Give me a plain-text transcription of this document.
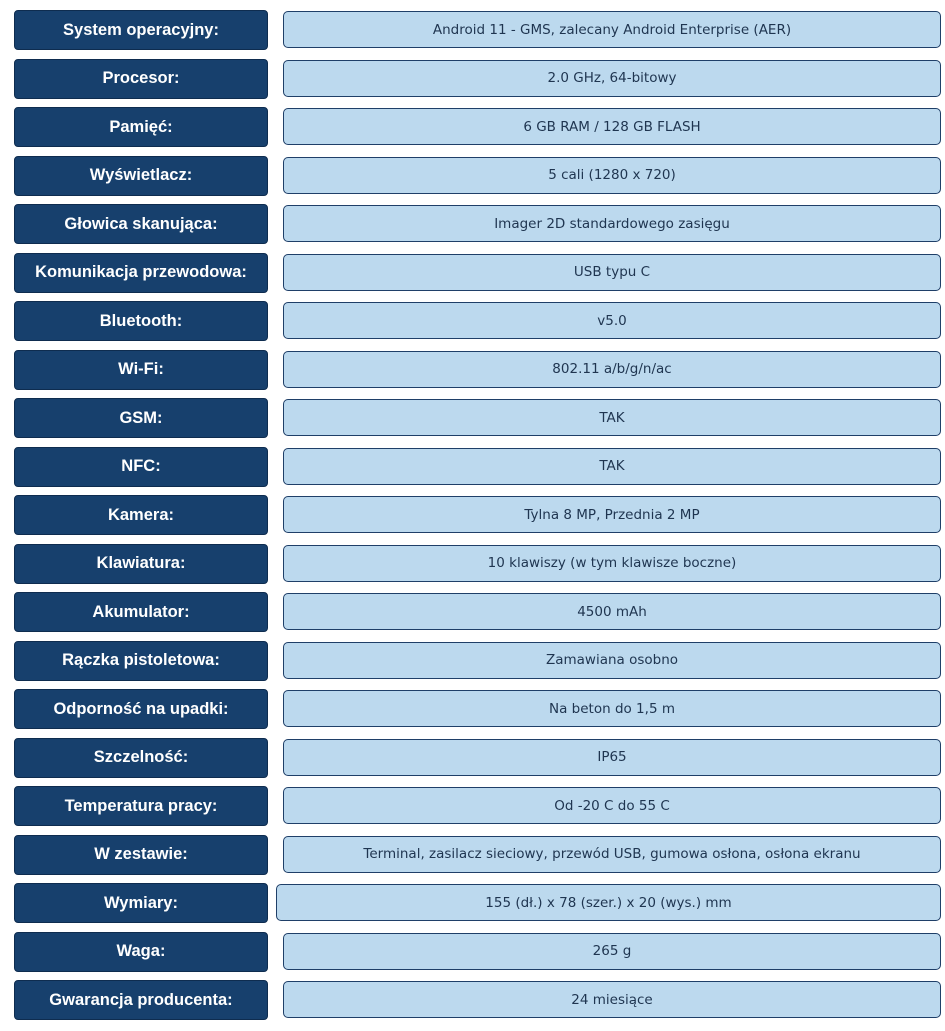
System operacyjny:	Android 11 - GMS, zalecany Android Enterprise (AER)
Procesor:	2.0 GHz, 64-bitowy
Pamięć:	6 GB RAM / 128 GB FLASH
Wyświetlacz:	5 cali (1280 x 720)
Głowica skanująca:	Imager 2D standardowego zasięgu
Komunikacja przewodowa:	USB typu C
Bluetooth:	v5.0
Wi-Fi:	802.11 a/b/g/n/ac
GSM:	TAK
NFC:	TAK
Kamera:	Tylna 8 MP, Przednia 2 MP
Klawiatura:	10 klawiszy (w tym klawisze boczne)
Akumulator:	4500 mAh
Rączka pistoletowa:	Zamawiana osobno
Odporność na upadki:	Na beton do 1,5 m
Szczelność:	IP65
Temperatura pracy:	Od -20 C do 55 C
W zestawie:	Terminal, zasilacz sieciowy, przewód USB, gumowa osłona, osłona ekranu
Wymiary:	155 (dł.) x 78 (szer.) x 20 (wys.) mm
Waga:	265 g
Gwarancja producenta:	24 miesiące
